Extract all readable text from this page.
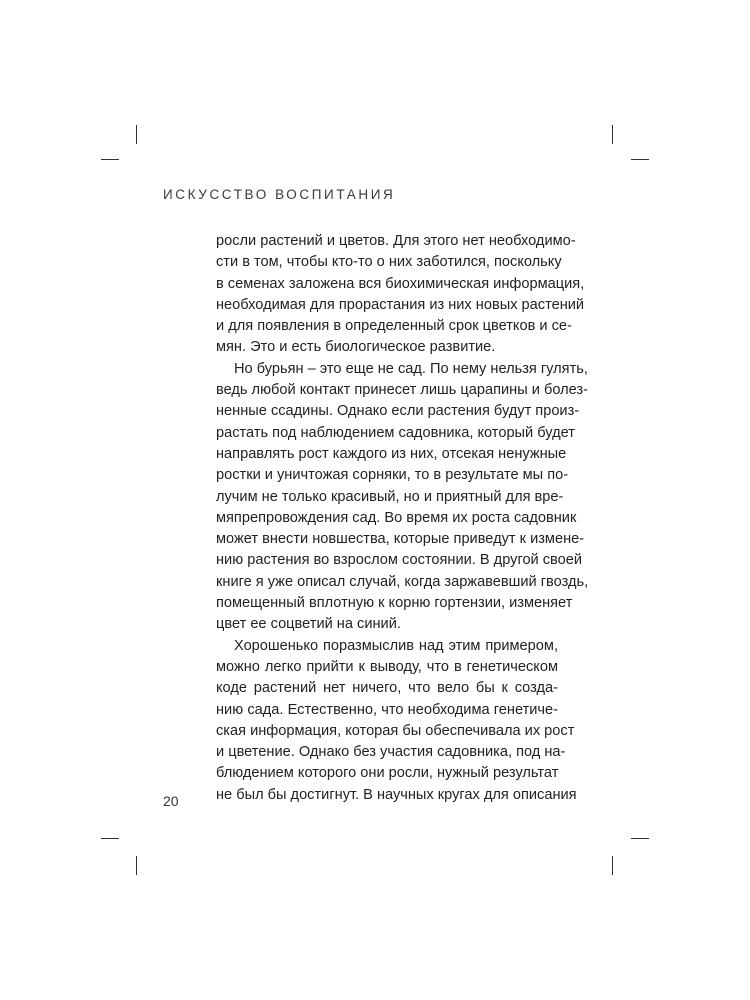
ИСКУССТВО ВОСПИТАНИЯ
росли растений и цветов. Для этого нет необходимо-
сти в том, чтобы кто-то о них заботился, поскольку
в семенах заложена вся биохимическая информация,
необходимая для прорастания из них новых растений
и для появления в определенный срок цветков и се-
мян. Это и есть биологическое развитие.
Но бурьян – это еще не сад. По нему нельзя гулять,
ведь любой контакт принесет лишь царапины и болез-
ненные ссадины. Однако если растения будут произ-
растать под наблюдением садовника, который будет
направлять рост каждого из них, отсекая ненужные
ростки и уничтожая сорняки, то в результате мы по-
лучим не только красивый, но и приятный для вре-
мяпрепровождения сад. Во время их роста садовник
может внести новшества, которые приведут к измене-
нию растения во взрослом состоянии. В другой своей
книге я уже описал случай, когда заржавевший гвоздь,
помещенный вплотную к корню гортензии, изменяет
цвет ее соцветий на синий.
Хорошенько поразмыслив над этим примером,
можно легко прийти к выводу, что в генетическом
коде растений нет ничего, что вело бы к созда-
нию сада. Естественно, что необходима генетиче-
ская информация, которая бы обеспечивала их рост
и цветение. Однако без участия садовника, под на-
блюдением которого они росли, нужный результат
не был бы достигнут. В научных кругах для описания
20
